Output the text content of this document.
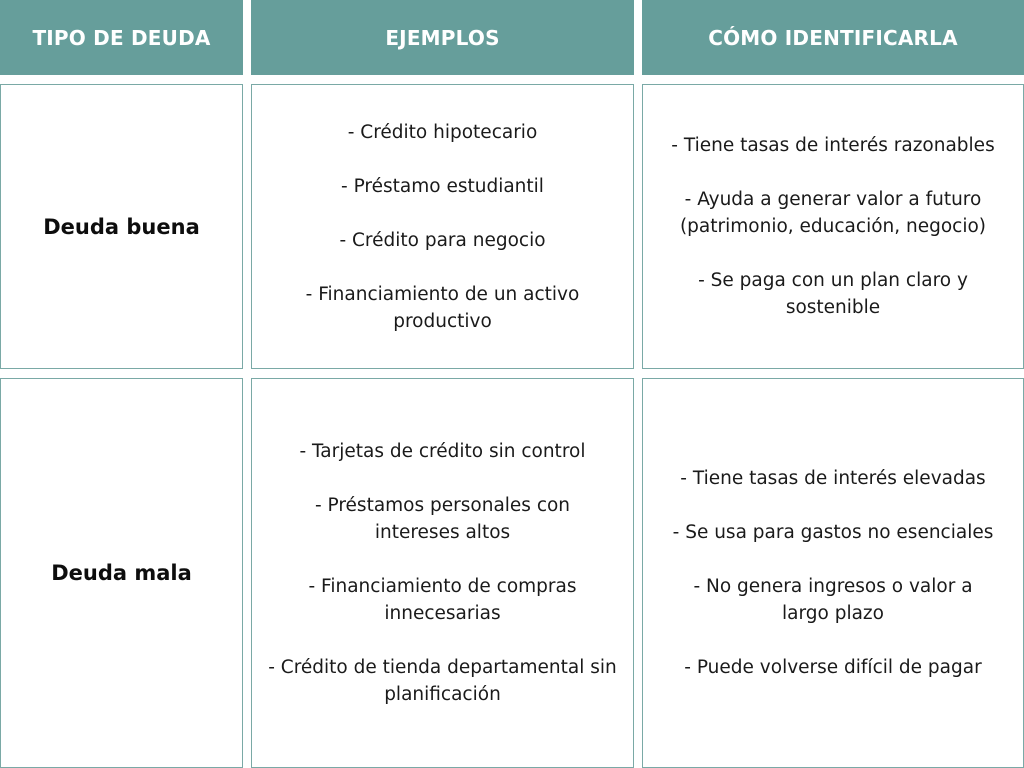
TIPO DE DEUDA	EJEMPLOS	CÓMO IDENTIFICARLA
Deuda buena
- Crédito hipotecario
- Préstamo estudiantil
- Crédito para negocio
- Financiamiento de un activo productivo
- Tiene tasas de interés razonables
- Ayuda a generar valor a futuro (patrimonio, educación, negocio)
- Se paga con un plan claro y sostenible
Deuda mala
- Tarjetas de crédito sin control
- Préstamos personales con intereses altos
- Financiamiento de compras innecesarias
- Crédito de tienda departamental sin planificación
- Tiene tasas de interés elevadas
- Se usa para gastos no esenciales
- No genera ingresos o valor a largo plazo
- Puede volverse difícil de pagar
